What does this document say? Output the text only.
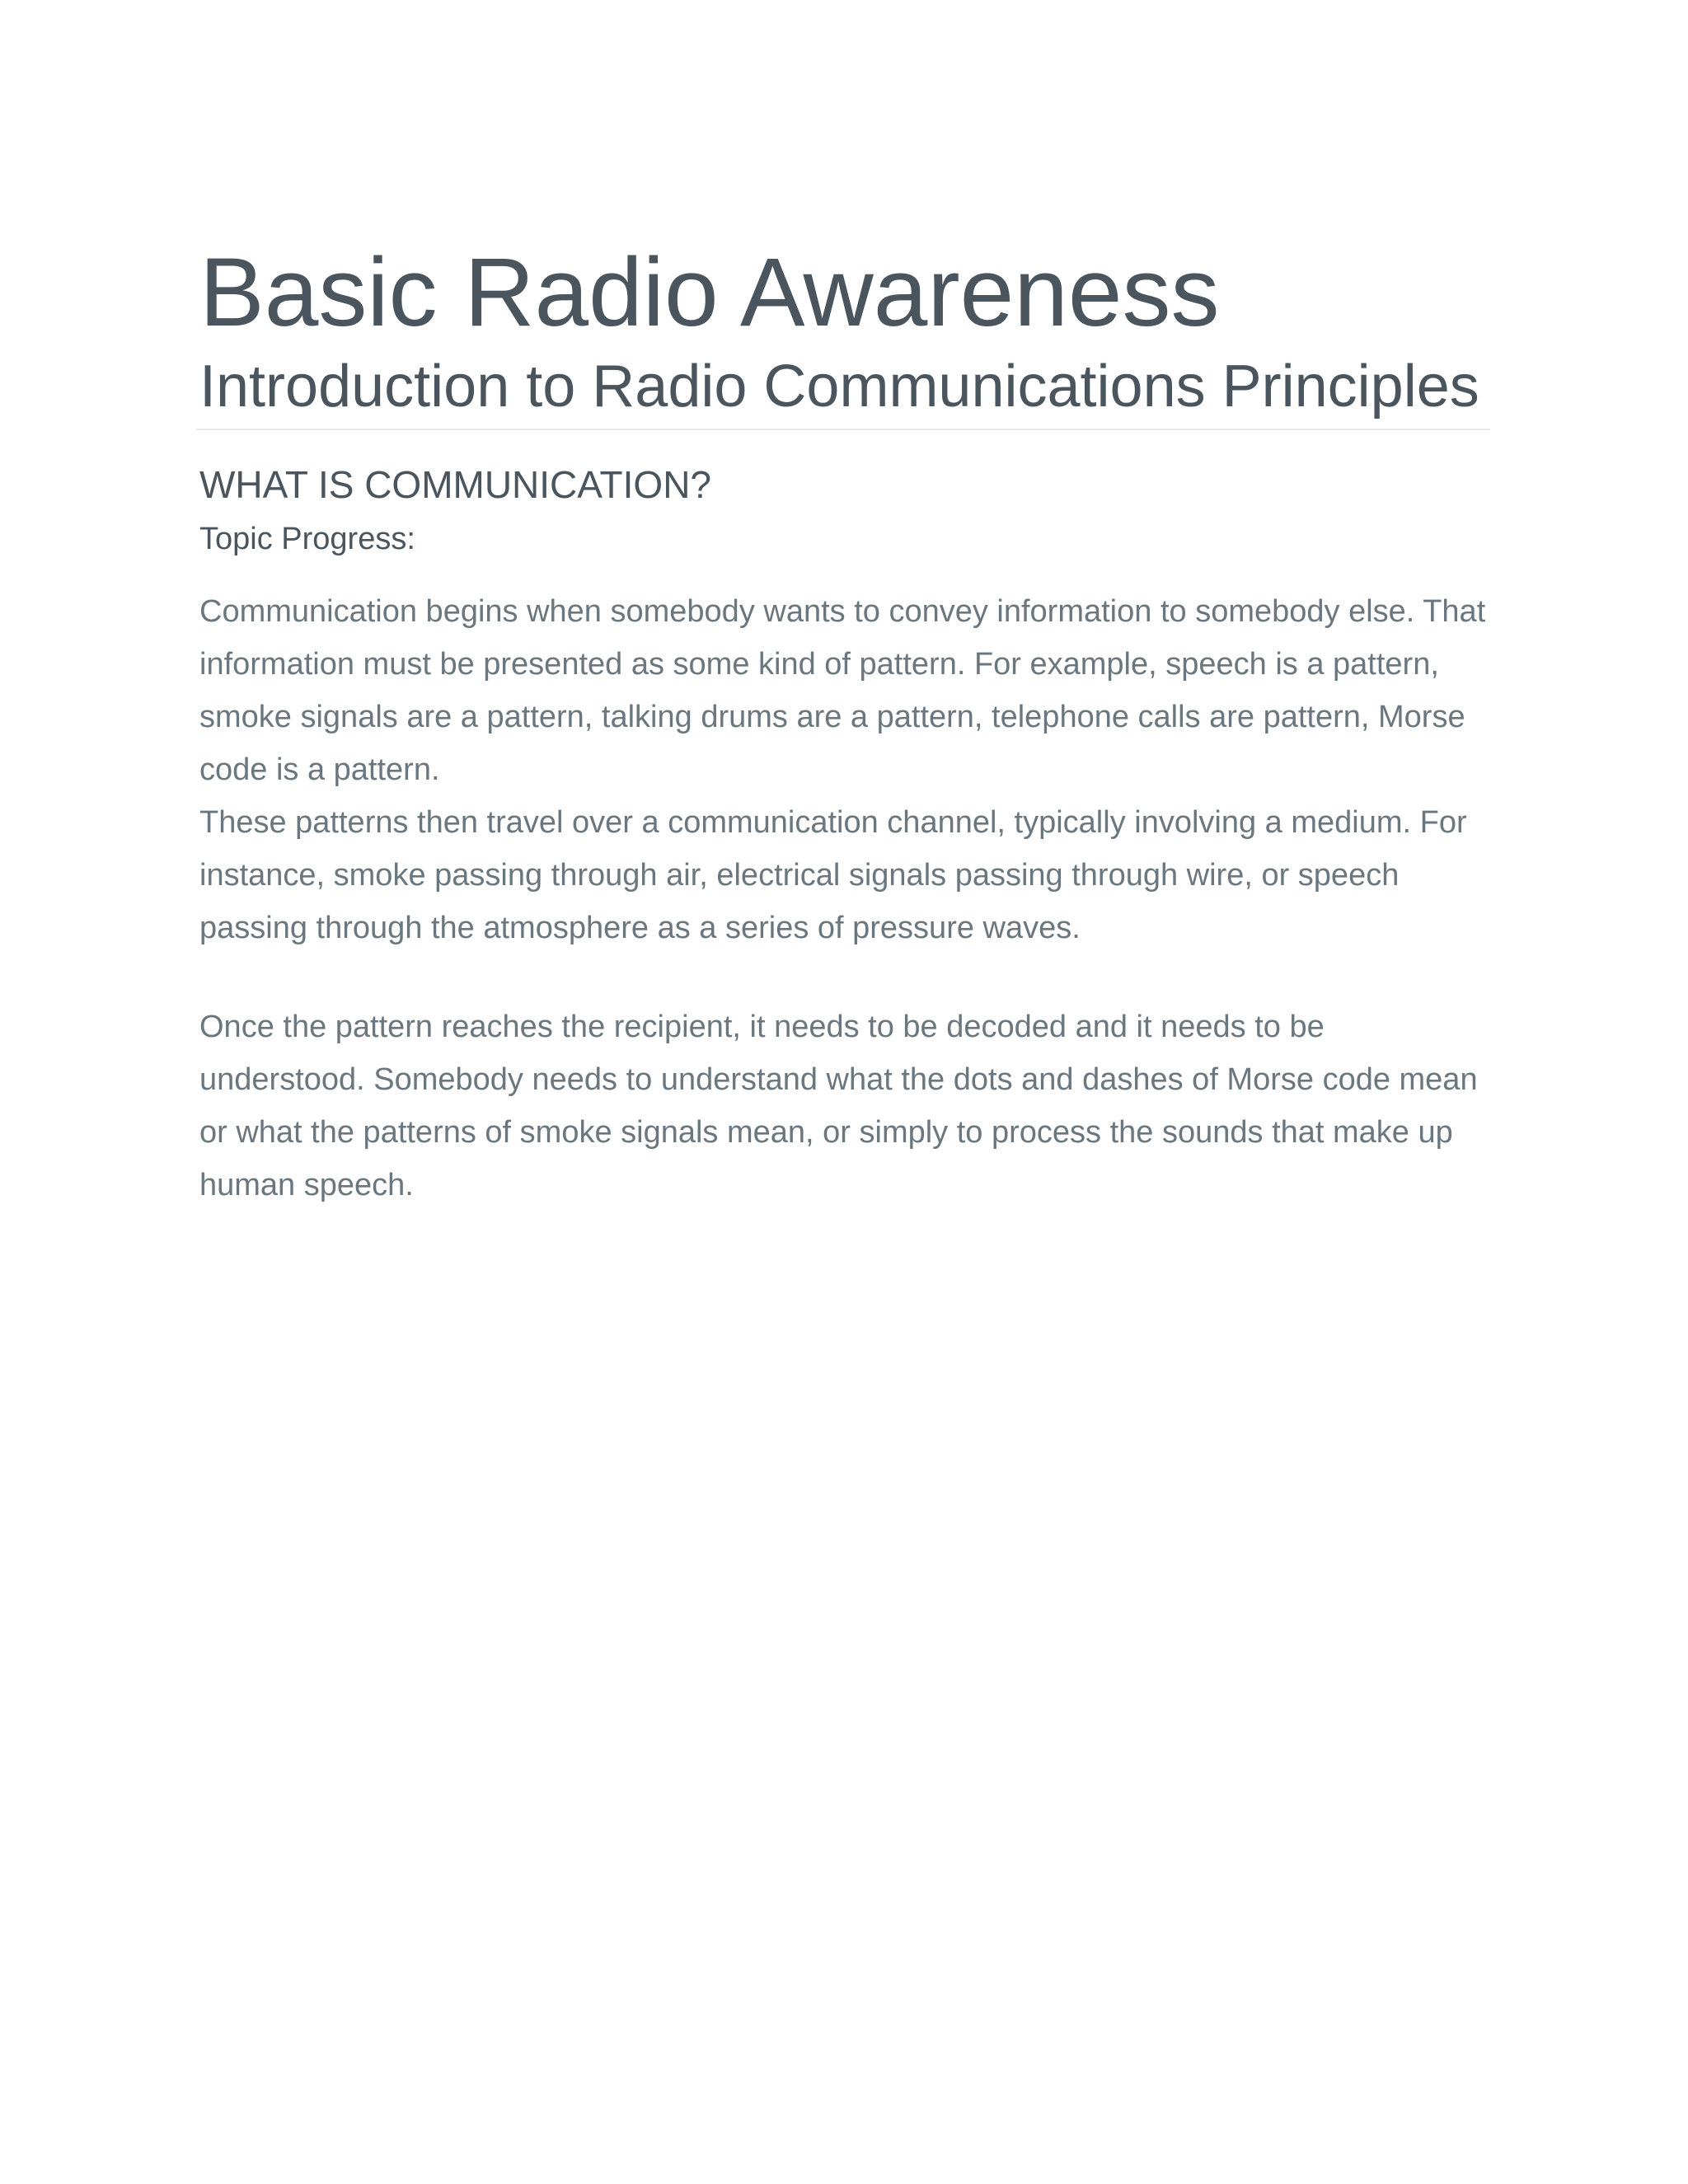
Basic Radio Awareness
Introduction to Radio Communications Principles
WHAT IS COMMUNICATION?
Topic Progress:

Communication begins when somebody wants to convey information to somebody else. That information must be presented as some kind of pattern. For example, speech is a pattern, smoke signals are a pattern, talking drums are a pattern, telephone calls are pattern, Morse code is a pattern.

These patterns then travel over a communication channel, typically involving a medium. For instance, smoke passing through air, electrical signals passing through wire, or speech passing through the atmosphere as a series of pressure waves.

Once the pattern reaches the recipient, it needs to be decoded and it needs to be understood. Somebody needs to understand what the dots and dashes of Morse code mean or what the patterns of smoke signals mean, or simply to process the sounds that make up human speech.
